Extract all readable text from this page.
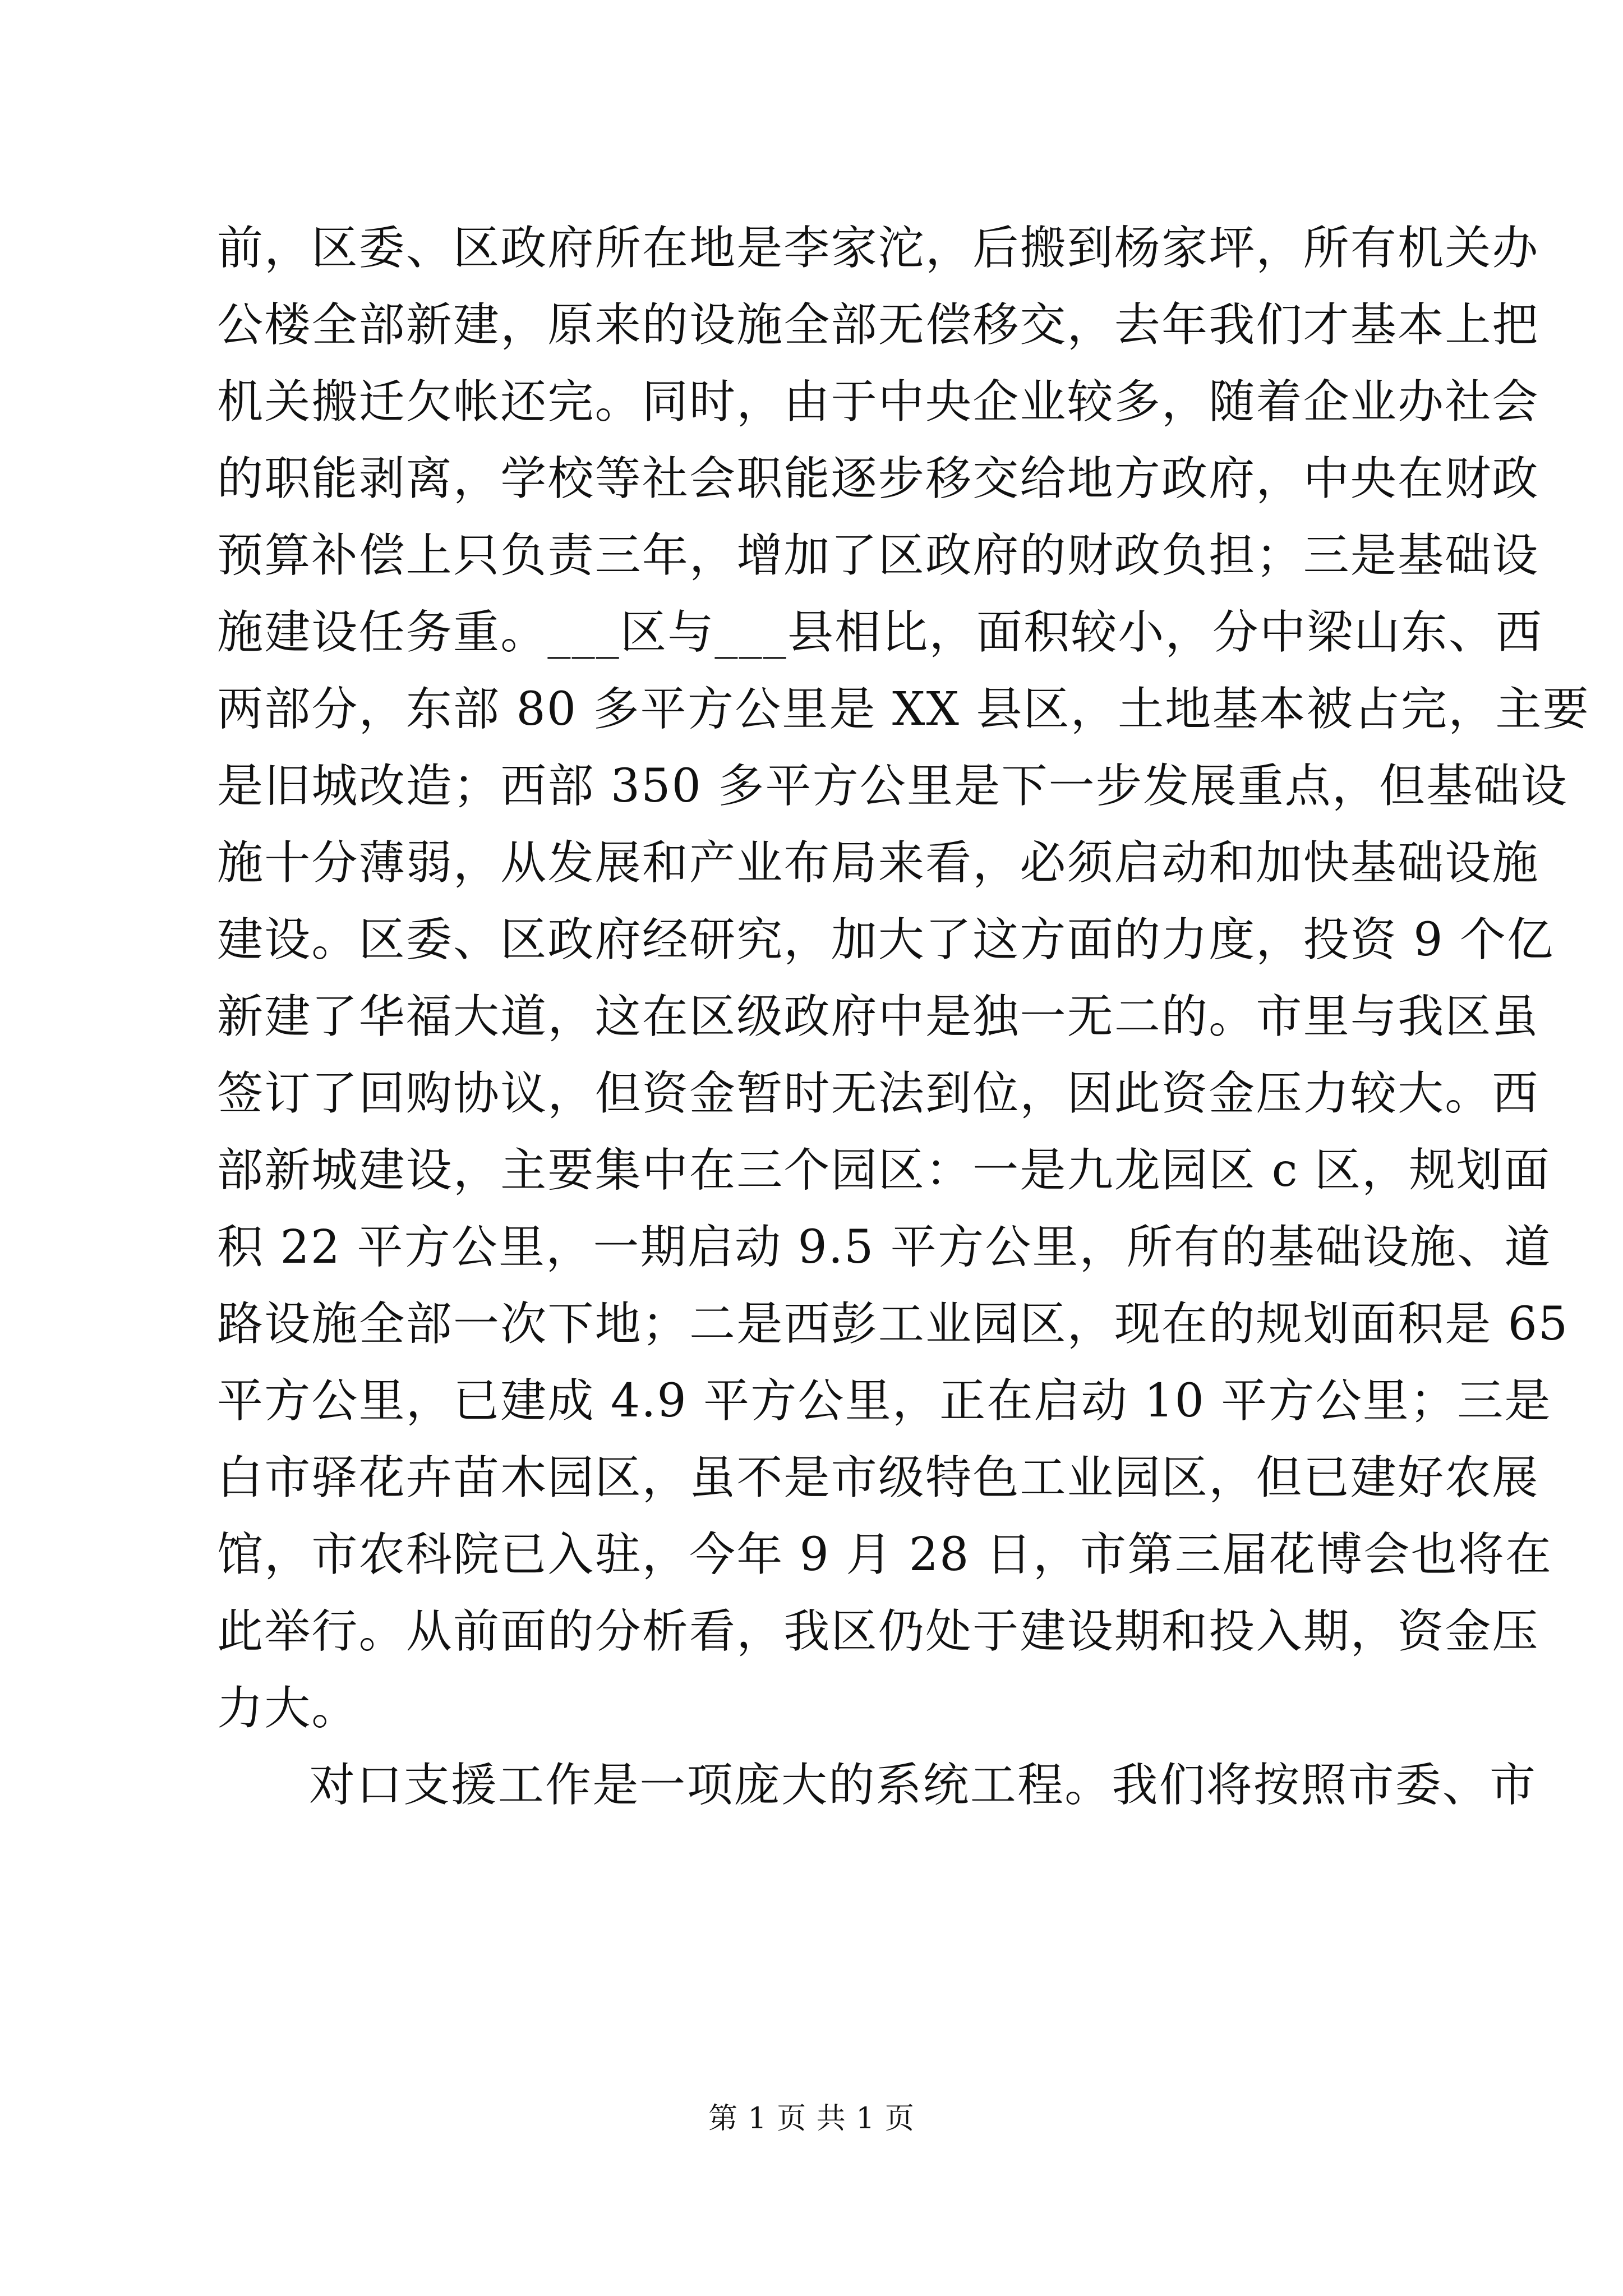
前，区委、区政府所在地是李家沱，后搬到杨家坪，所有机关办
公楼全部新建，原来的设施全部无偿移交，去年我们才基本上把
机关搬迁欠帐还完。同时，由于中央企业较多，随着企业办社会
的职能剥离，学校等社会职能逐步移交给地方政府，中央在财政
预算补偿上只负责三年，增加了区政府的财政负担；三是基础设
施建设任务重。___区与___县相比，面积较小，分中梁山东、西
两部分，东部 80 多平方公里是 XX 县区，土地基本被占完，主要
是旧城改造；西部 350 多平方公里是下一步发展重点，但基础设
施十分薄弱，从发展和产业布局来看，必须启动和加快基础设施
建设。区委、区政府经研究，加大了这方面的力度，投资 9 个亿
新建了华福大道，这在区级政府中是独一无二的。市里与我区虽
签订了回购协议，但资金暂时无法到位，因此资金压力较大。西
部新城建设，主要集中在三个园区：一是九龙园区 c 区，规划面
积 22 平方公里，一期启动 9.5 平方公里，所有的基础设施、道
路设施全部一次下地；二是西彭工业园区，现在的规划面积是 65
平方公里，已建成 4.9 平方公里，正在启动 10 平方公里；三是
白市驿花卉苗木园区，虽不是市级特色工业园区，但已建好农展
馆，市农科院已入驻，今年 9 月 28 日，市第三届花博会也将在
此举行。从前面的分析看，我区仍处于建设期和投入期，资金压
力大。
对口支援工作是一项庞大的系统工程。我们将按照市委、市
第 1 页 共 1 页
